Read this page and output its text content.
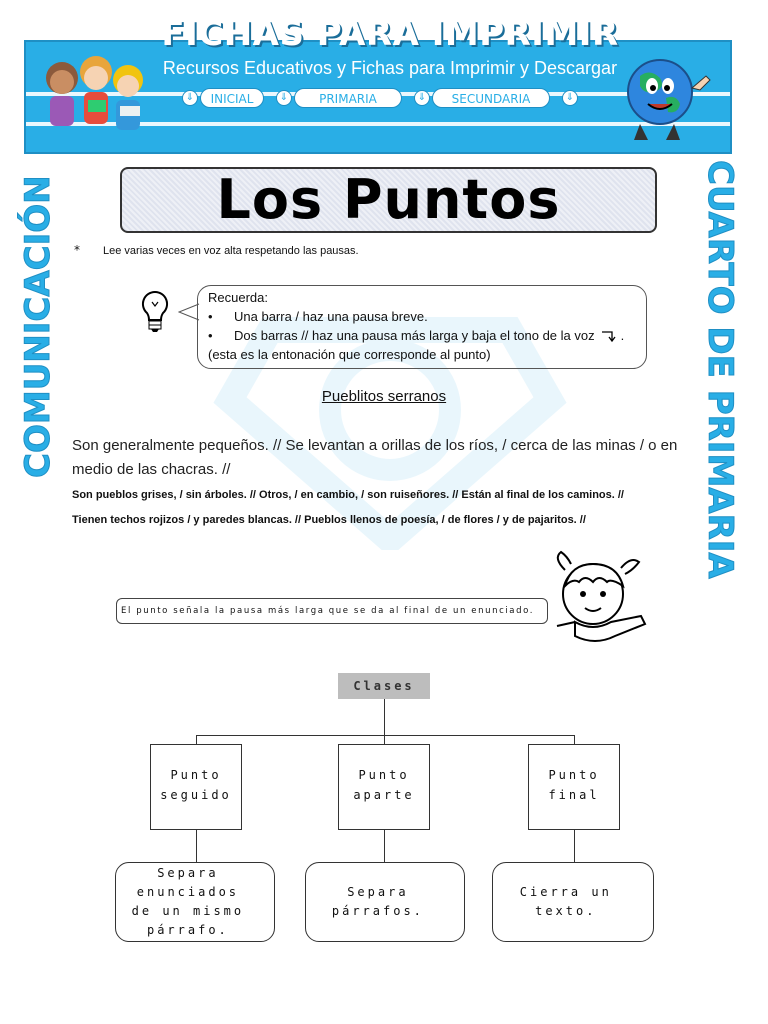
FICHAS PARA IMPRIMIR
Recursos Educativos y Fichas para Imprimir y Descargar
⇓	INICIAL	⇓	PRIMARIA	⇓	SECUNDARIA	⇓
COMUNICACIÓN	CUARTO DE PRIMARIA
Los Puntos
* Lee varias veces en voz alta respetando las pausas.
Recuerda:
•	Una barra / haz una pausa breve.
•	Dos barras // haz una pausa más larga y baja el tono de la voz .
(esta es la entonación que corresponde al punto)
Pueblitos serranos
Son generalmente pequeños. // Se levantan a orillas de los ríos, / cerca de las minas / o en medio de las chacras. //
Son pueblos grises, / sin árboles. // Otros, / en cambio, / son ruiseñores. // Están al final de los caminos. //
Tienen techos rojizos / y paredes blancas. // Pueblos llenos de poesía, / de flores / y de pajaritos. //
El punto señala la pausa más larga que se da al final de un enunciado.
Clases
Punto
seguido
Punto
aparte
Punto
final
Separa enunciados
de un mismo
párrafo.
Separa
párrafos.
Cierra un
texto.
